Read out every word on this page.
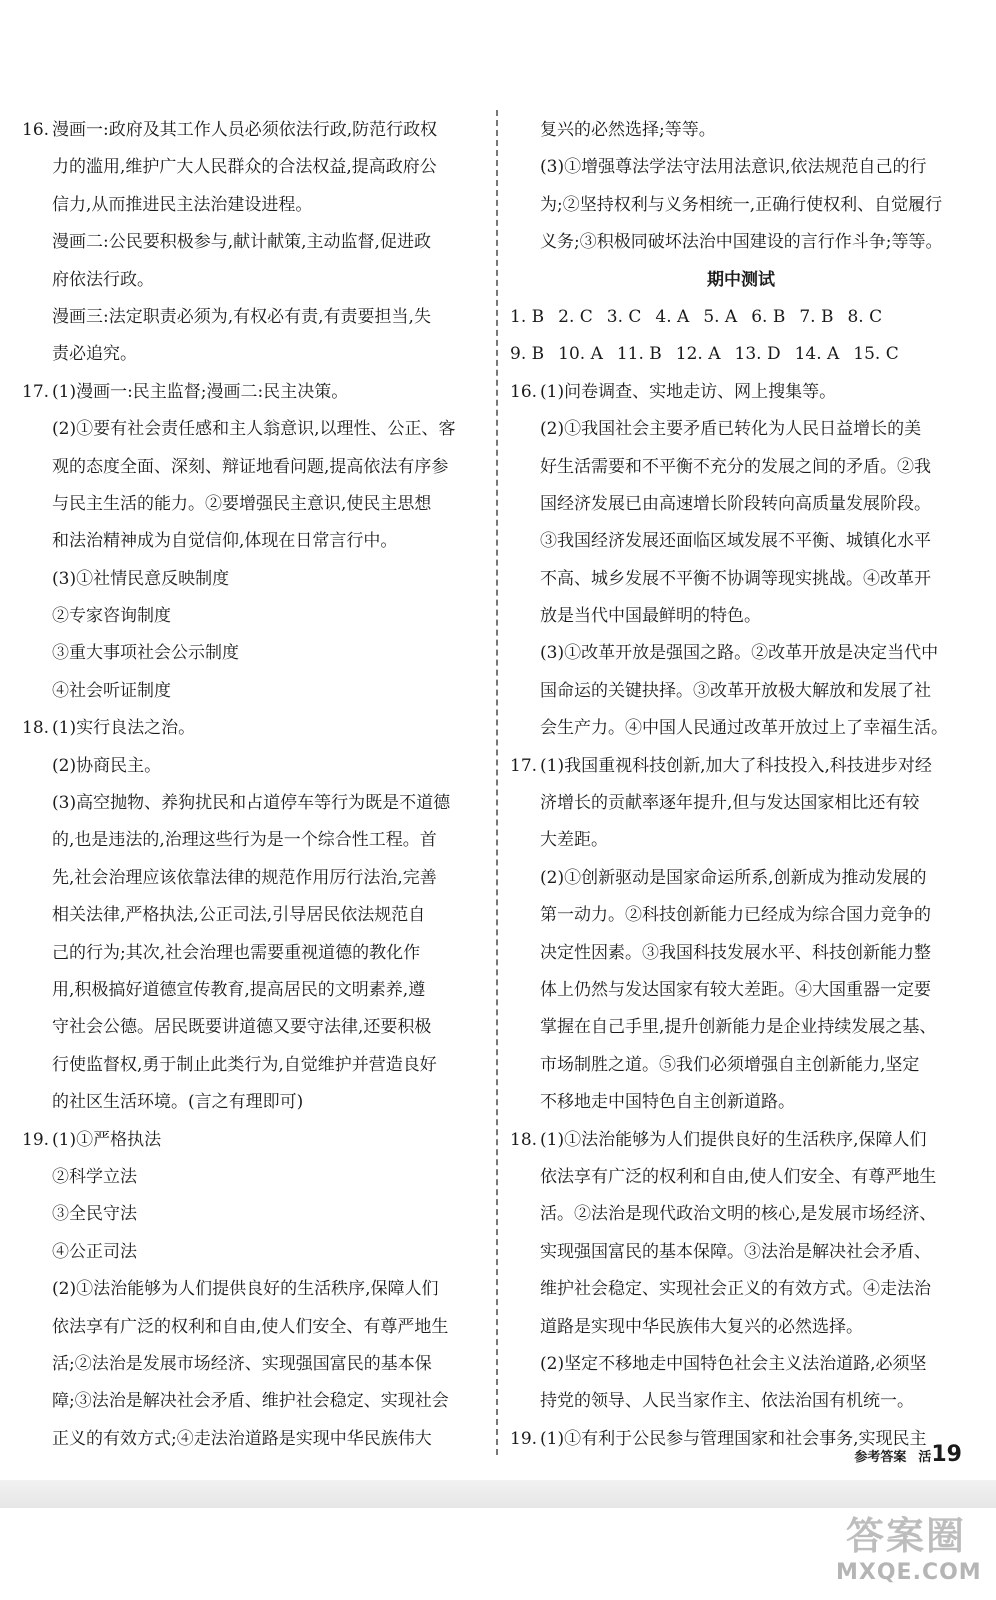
16. 漫画一:政府及其工作人员必须依法行政,防范行政权
力的滥用,维护广大人民群众的合法权益,提高政府公
信力,从而推进民主法治建设进程。
漫画二:公民要积极参与,献计献策,主动监督,促进政
府依法行政。
漫画三:法定职责必须为,有权必有责,有责要担当,失
责必追究。
17. (1)漫画一:民主监督;漫画二:民主决策。
(2)①要有社会责任感和主人翁意识,以理性、公正、客
观的态度全面、深刻、辩证地看问题,提高依法有序参
与民主生活的能力。②要增强民主意识,使民主思想
和法治精神成为自觉信仰,体现在日常言行中。
(3)①社情民意反映制度
②专家咨询制度
③重大事项社会公示制度
④社会听证制度
18. (1)实行良法之治。
(2)协商民主。
(3)高空抛物、养狗扰民和占道停车等行为既是不道德
的,也是违法的,治理这些行为是一个综合性工程。首
先,社会治理应该依靠法律的规范作用厉行法治,完善
相关法律,严格执法,公正司法,引导居民依法规范自
己的行为;其次,社会治理也需要重视道德的教化作
用,积极搞好道德宣传教育,提高居民的文明素养,遵
守社会公德。居民既要讲道德又要守法律,还要积极
行使监督权,勇于制止此类行为,自觉维护并营造良好
的社区生活环境。(言之有理即可)
19. (1)①严格执法
②科学立法
③全民守法
④公正司法
(2)①法治能够为人们提供良好的生活秩序,保障人们
依法享有广泛的权利和自由,使人们安全、有尊严地生
活;②法治是发展市场经济、实现强国富民的基本保
障;③法治是解决社会矛盾、维护社会稳定、实现社会
正义的有效方式;④走法治道路是实现中华民族伟大
复兴的必然选择;等等。
(3)①增强尊法学法守法用法意识,依法规范自己的行
为;②坚持权利与义务相统一,正确行使权利、自觉履行
义务;③积极同破坏法治中国建设的言行作斗争;等等。
期中测试
1. B 2. C 3. C 4. A 5. A 6. B 7. B 8. C
9. B 10. A 11. B 12. A 13. D 14. A 15. C
16. (1)问卷调查、实地走访、网上搜集等。
(2)①我国社会主要矛盾已转化为人民日益增长的美
好生活需要和不平衡不充分的发展之间的矛盾。②我
国经济发展已由高速增长阶段转向高质量发展阶段。
③我国经济发展还面临区域发展不平衡、城镇化水平
不高、城乡发展不平衡不协调等现实挑战。④改革开
放是当代中国最鲜明的特色。
(3)①改革开放是强国之路。②改革开放是决定当代中
国命运的关键抉择。③改革开放极大解放和发展了社
会生产力。④中国人民通过改革开放过上了幸福生活。
17. (1)我国重视科技创新,加大了科技投入,科技进步对经
济增长的贡献率逐年提升,但与发达国家相比还有较
大差距。
(2)①创新驱动是国家命运所系,创新成为推动发展的
第一动力。②科技创新能力已经成为综合国力竞争的
决定性因素。③我国科技发展水平、科技创新能力整
体上仍然与发达国家有较大差距。④大国重器一定要
掌握在自己手里,提升创新能力是企业持续发展之基、
市场制胜之道。⑤我们必须增强自主创新能力,坚定
不移地走中国特色自主创新道路。
18. (1)①法治能够为人们提供良好的生活秩序,保障人们
依法享有广泛的权利和自由,使人们安全、有尊严地生
活。②法治是现代政治文明的核心,是发展市场经济、
实现强国富民的基本保障。③法治是解决社会矛盾、
维护社会稳定、实现社会正义的有效方式。④走法治
道路是实现中华民族伟大复兴的必然选择。
(2)坚定不移地走中国特色社会主义法治道路,必须坚
持党的领导、人民当家作主、依法治国有机统一。
19. (1)①有利于公民参与管理国家和社会事务,实现民主
参考答案 活19
答案圈
MXQE.COM
